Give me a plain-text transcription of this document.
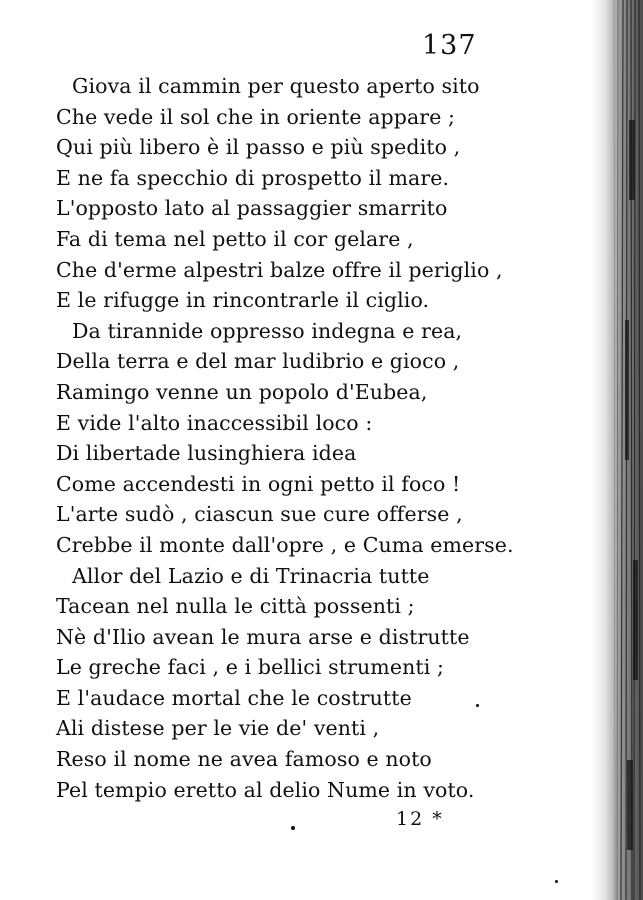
137
Giova il cammin per questo aperto sito
Che vede il sol che in oriente appare ;
Qui più libero è il passo e più spedito ,
E ne fa specchio di prospetto il mare.
L'opposto lato al passaggier smarrito
Fa di tema nel petto il cor gelare ,
Che d'erme alpestri balze offre il periglio ,
E le rifugge in rincontrarle il ciglio.
Da tirannide oppresso indegna e rea,
Della terra e del mar ludibrio e gioco ,
Ramingo venne un popolo d'Eubea,
E vide l'alto inaccessibil loco :
Di libertade lusinghiera idea
Come accendesti in ogni petto il foco !
L'arte sudò , ciascun sue cure offerse ,
Crebbe il monte dall'opre , e Cuma emerse.
Allor del Lazio e di Trinacria tutte
Tacean nel nulla le città possenti ;
Nè d'Ilio avean le mura arse e distrutte
Le greche faci , e i bellici strumenti ;
E l'audace mortal che le costrutte
Ali distese per le vie de' venti ,
Reso il nome ne avea famoso e noto
Pel tempio eretto al delio Nume in voto.
12 *
